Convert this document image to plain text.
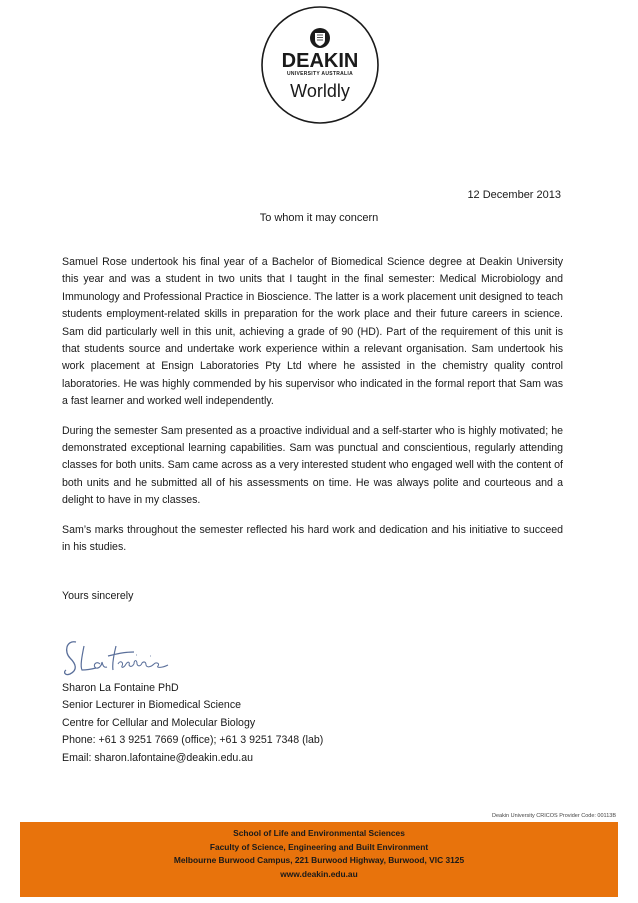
DEAKIN
UNIVERSITY AUSTRALIA
Worldly
12 December 2013
To whom it may concern

Samuel Rose undertook his final year of a Bachelor of Biomedical Science degree at Deakin University this year and was a student in two units that I taught in the final semester: Medical Microbiology and Immunology and Professional Practice in Bioscience. The latter is a work placement unit designed to teach students employment-related skills in preparation for the work place and their future careers in science. Sam did particularly well in this unit, achieving a grade of 90 (HD). Part of the requirement of this unit is that students source and undertake work experience within a relevant organisation. Sam undertook his work placement at Ensign Laboratories Pty Ltd where he assisted in the chemistry quality control laboratories. He was highly commended by his supervisor who indicated in the formal report that Sam was a fast learner and worked well independently.

During the semester Sam presented as a proactive individual and a self-starter who is highly motivated; he demonstrated exceptional learning capabilities. Sam was punctual and conscientious, regularly attending classes for both units. Sam came across as a very interested student who engaged well with the content of both units and he submitted all of his assessments on time. He was always polite and courteous and a delight to have in my classes.

Sam’s marks throughout the semester reflected his hard work and dedication and his initiative to succeed in his studies.

Yours sincerely
Sharon La Fontaine PhD
Senior Lecturer in Biomedical Science
Centre for Cellular and Molecular Biology
Phone: +61 3 9251 7669 (office); +61 3 9251 7348 (lab)
Email: sharon.lafontaine@deakin.edu.au
Deakin University CRICOS Provider Code: 00113B
School of Life and Environmental Sciences
Faculty of Science, Engineering and Built Environment
Melbourne Burwood Campus, 221 Burwood Highway, Burwood, VIC 3125
www.deakin.edu.au
